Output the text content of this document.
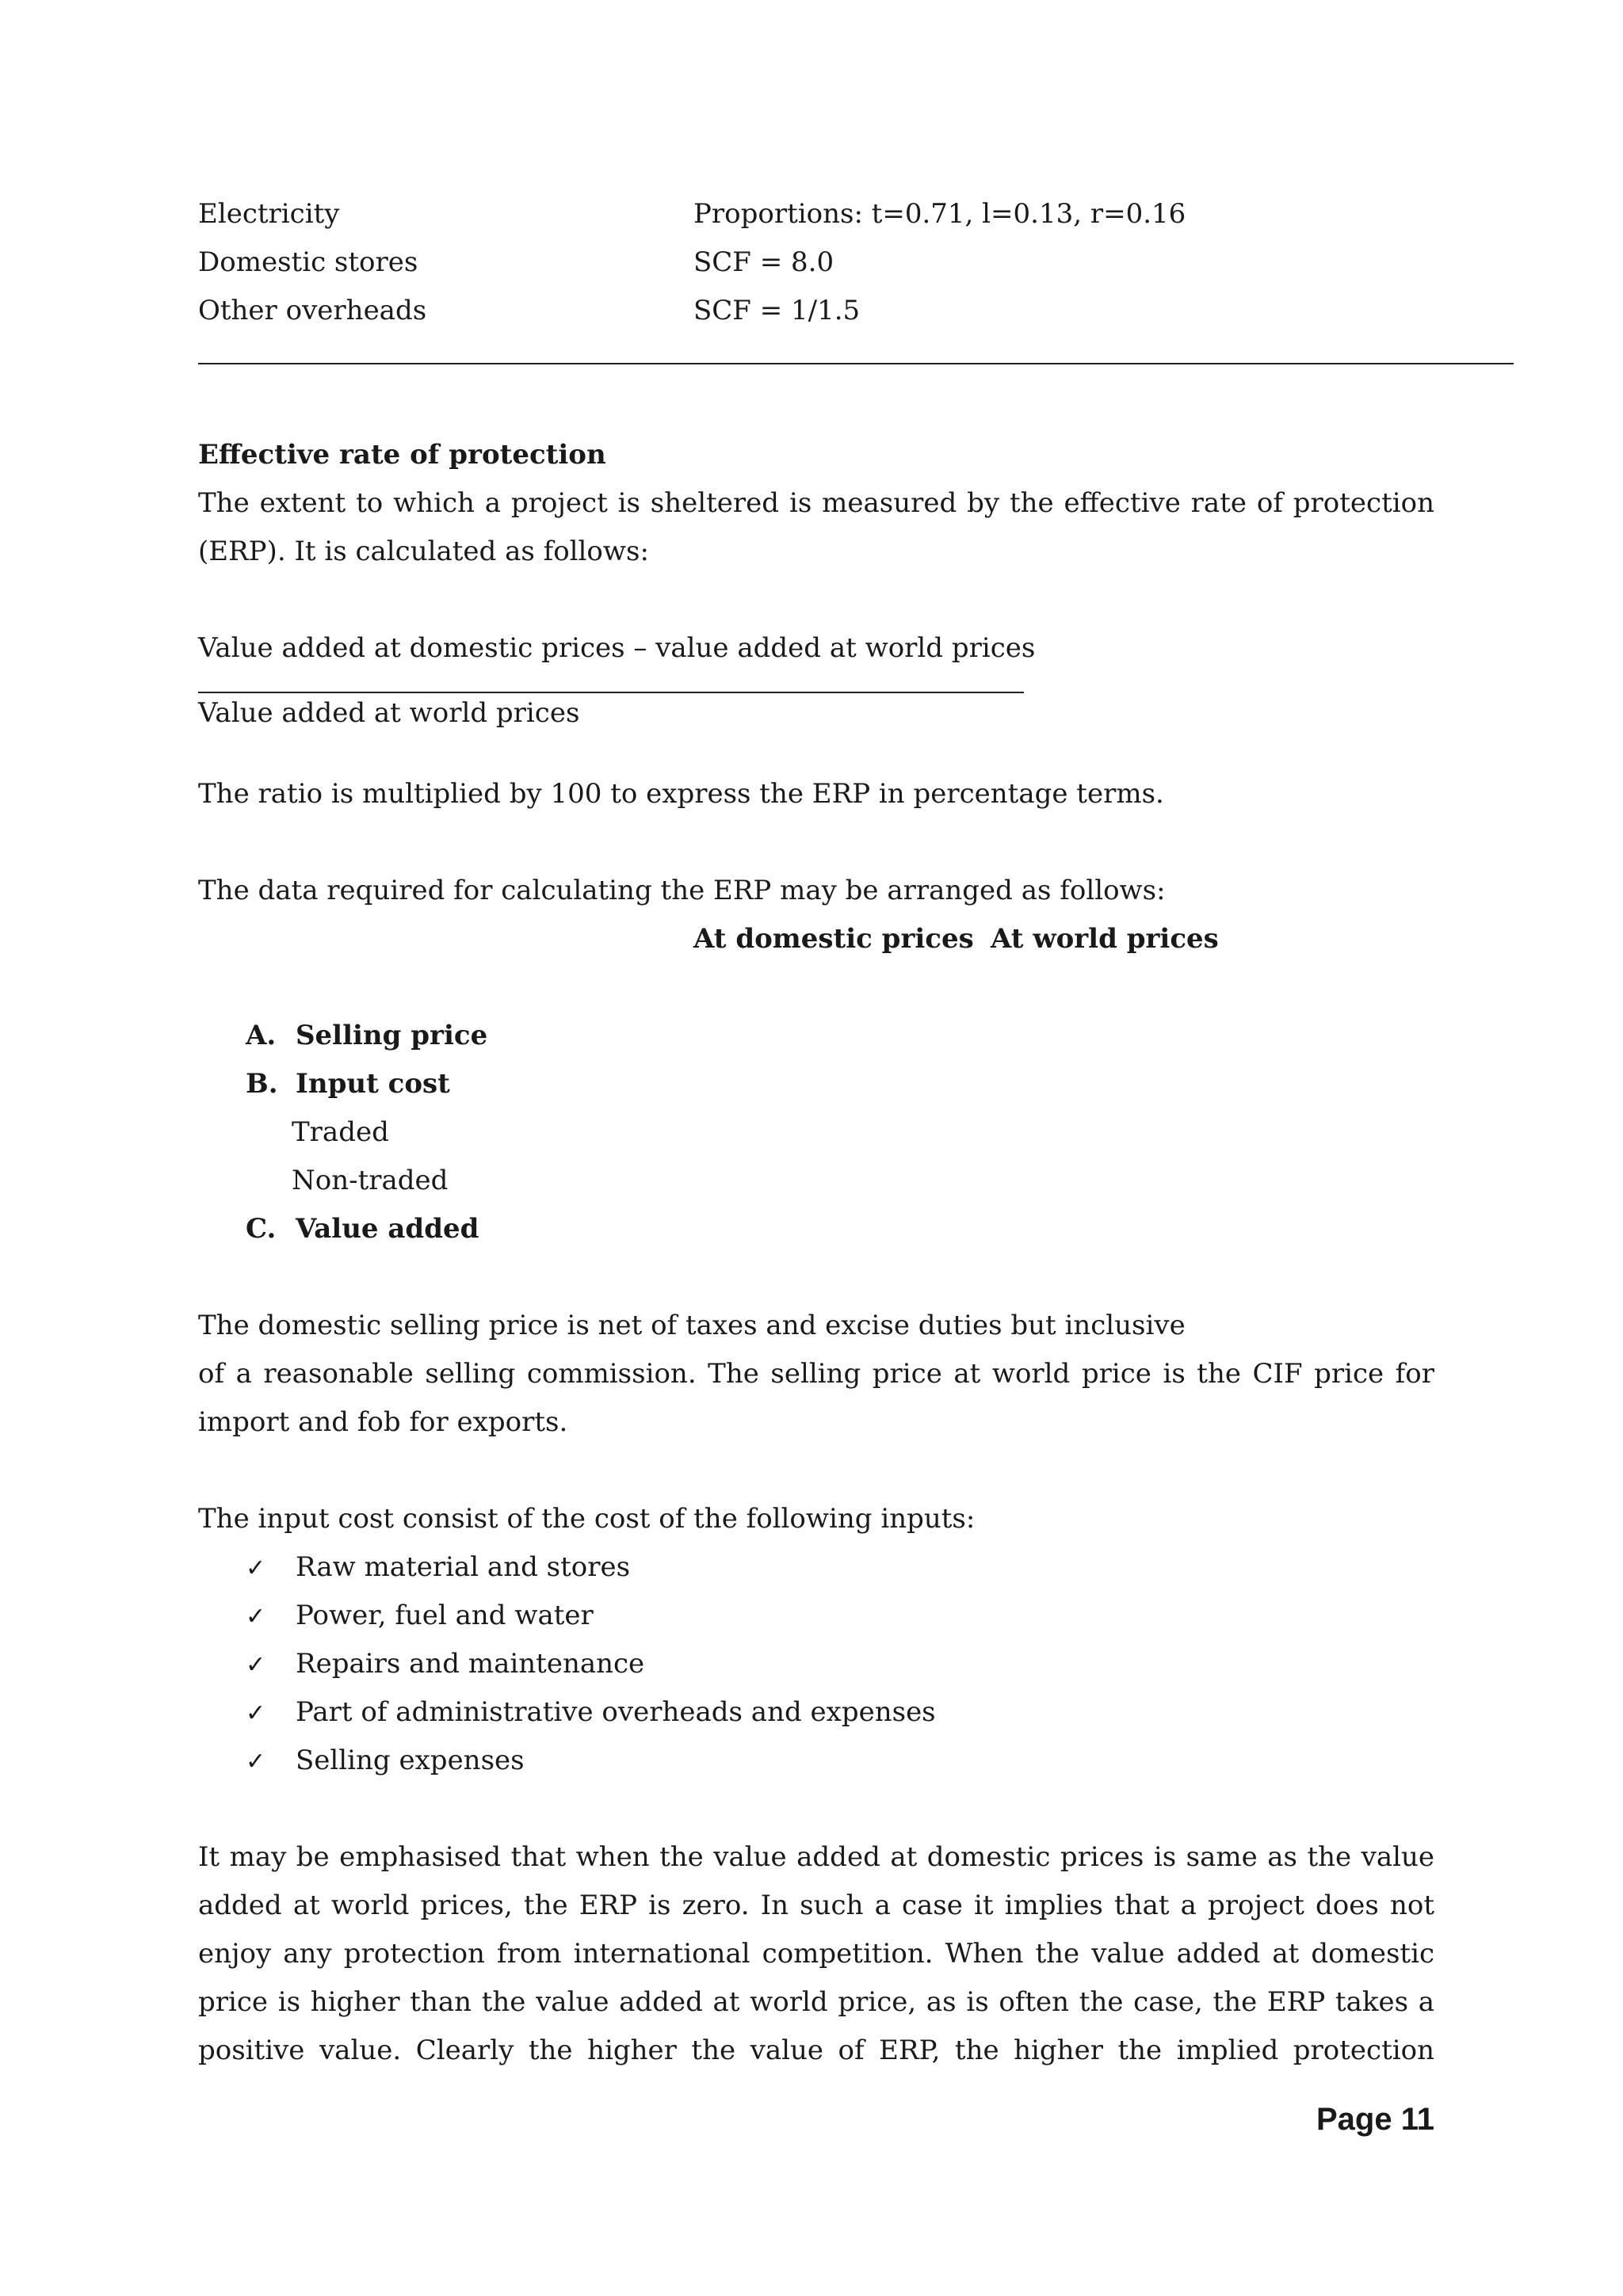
Electricity	Proportions: t=0.71, l=0.13, r=0.16
Domestic stores	SCF = 8.0
Other overheads	SCF = 1/1.5
Effective rate of protection
The extent to which a project is sheltered is measured by the effective rate of protection (ERP). It is calculated as follows:
Value added at domestic prices – value added at world prices
Value added at world prices
The ratio is multiplied by 100 to express the ERP in percentage terms.
The data required for calculating the ERP may be arranged as follows:
At domestic prices At world prices
A. Selling price
B. Input cost
Traded
Non-traded
C. Value added
The domestic selling price is net of taxes and excise duties but inclusive
of a reasonable selling commission. The selling price at world price is the CIF price for import and fob for exports.
The input cost consist of the cost of the following inputs:
✓ Raw material and stores
✓ Power, fuel and water
✓ Repairs and maintenance
✓ Part of administrative overheads and expenses
✓ Selling expenses
It may be emphasised that when the value added at domestic prices is same as the value added at world prices, the ERP is zero. In such a case it implies that a project does not enjoy any protection from international competition. When the value added at domestic price is higher than the value added at world price, as is often the case, the ERP takes a positive value. Clearly the higher the value of ERP, the higher the implied protection
Page 11
